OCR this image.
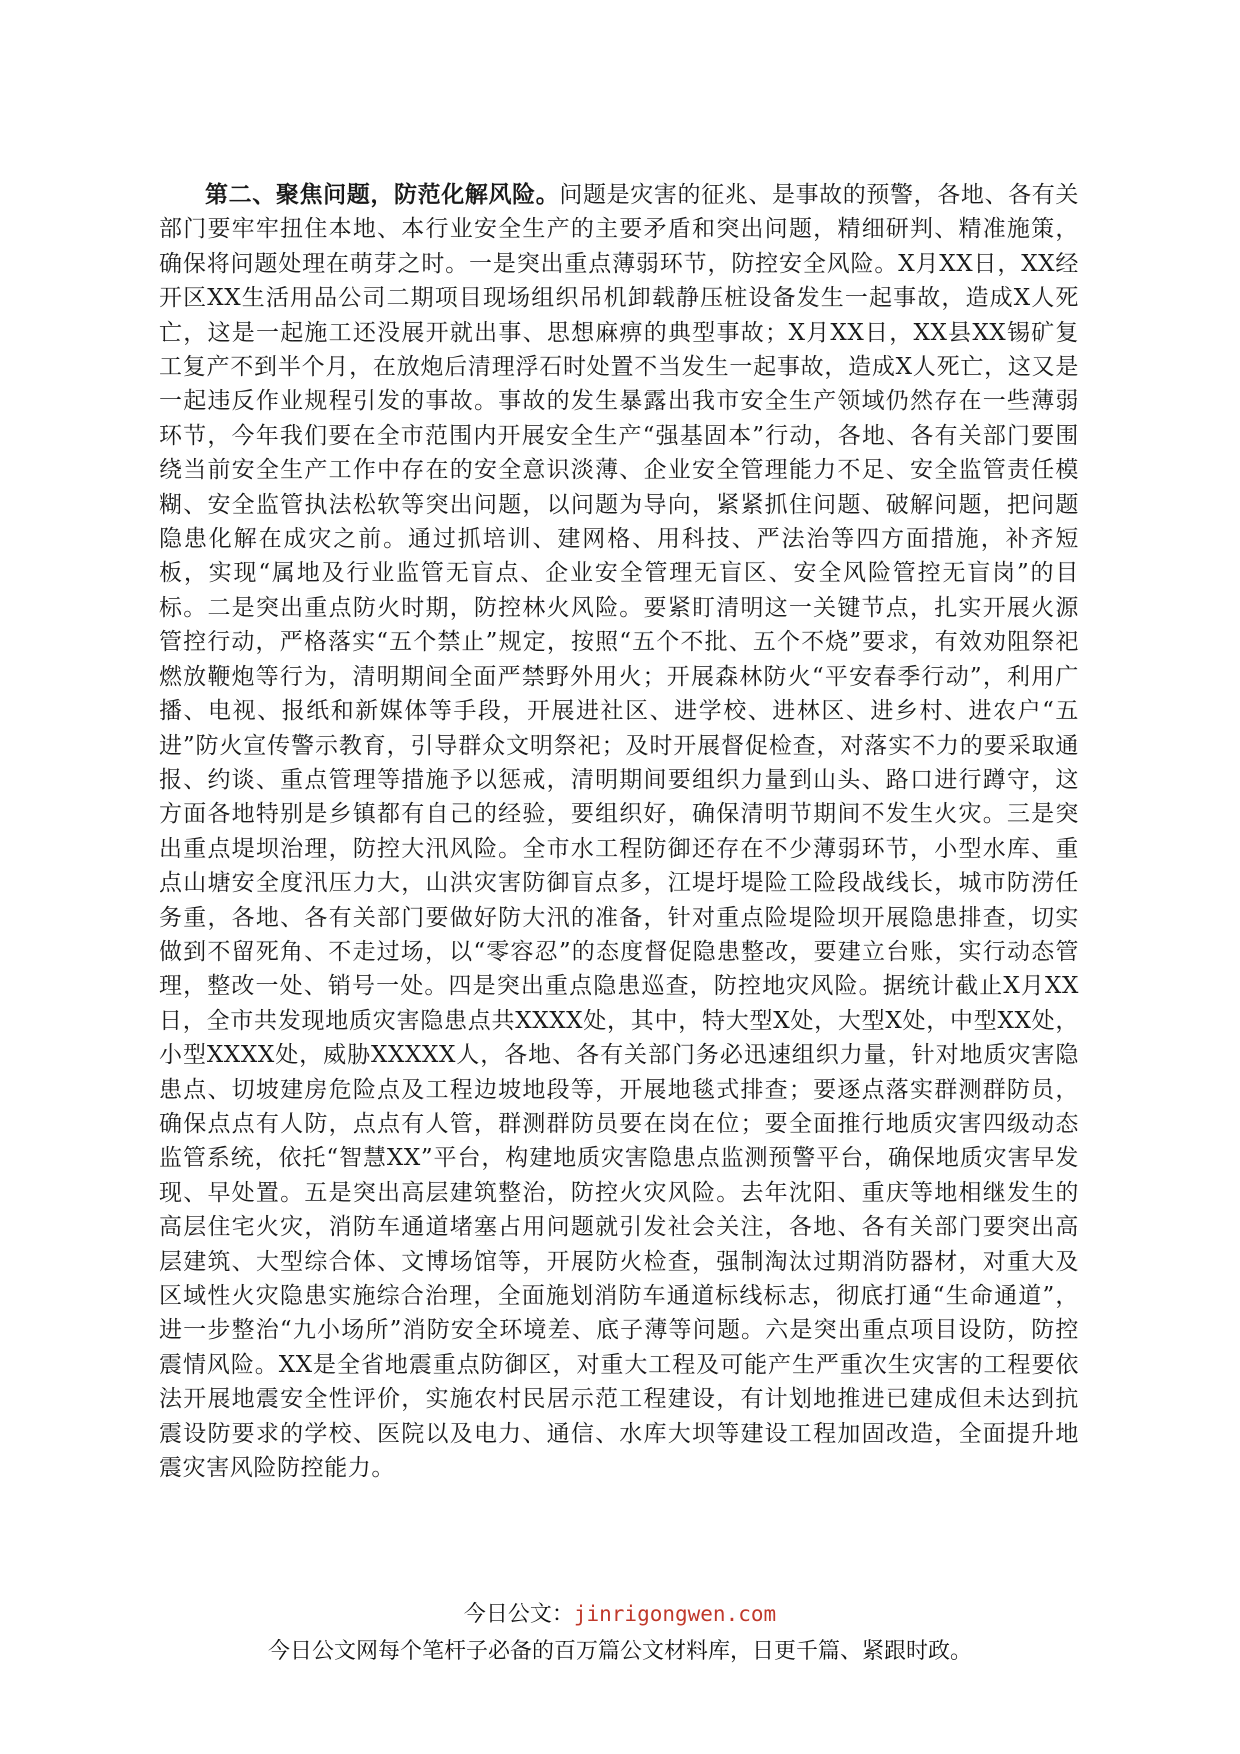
第二、聚焦问题，防范化解风险。问题是灾害的征兆、是事故的预警，各地、各有关部门要牢牢扭住本地、本行业安全生产的主要矛盾和突出问题，精细研判、精准施策，确保将问题处理在萌芽之时。一是突出重点薄弱环节，防控安全风险。X月XX日，XX经开区XX生活用品公司二期项目现场组织吊机卸载静压桩设备发生一起事故，造成X人死亡，这是一起施工还没展开就出事、思想麻痹的典型事故；X月XX日，XX县XX锡矿复工复产不到半个月，在放炮后清理浮石时处置不当发生一起事故，造成X人死亡，这又是一起违反作业规程引发的事故。事故的发生暴露出我市安全生产领域仍然存在一些薄弱环节，今年我们要在全市范围内开展安全生产“强基固本”行动，各地、各有关部门要围绕当前安全生产工作中存在的安全意识淡薄、企业安全管理能力不足、安全监管责任模糊、安全监管执法松软等突出问题，以问题为导向，紧紧抓住问题、破解问题，把问题隐患化解在成灾之前。通过抓培训、建网格、用科技、严法治等四方面措施，补齐短板，实现“属地及行业监管无盲点、企业安全管理无盲区、安全风险管控无盲岗”的目标。二是突出重点防火时期，防控林火风险。要紧盯清明这一关键节点，扎实开展火源管控行动，严格落实“五个禁止”规定，按照“五个不批、五个不烧”要求，有效劝阻祭祀燃放鞭炮等行为，清明期间全面严禁野外用火；开展森林防火“平安春季行动”，利用广播、电视、报纸和新媒体等手段，开展进社区、进学校、进林区、进乡村、进农户“五进”防火宣传警示教育，引导群众文明祭祀；及时开展督促检查，对落实不力的要采取通报、约谈、重点管理等措施予以惩戒，清明期间要组织力量到山头、路口进行蹲守，这方面各地特别是乡镇都有自己的经验，要组织好，确保清明节期间不发生火灾。三是突出重点堤坝治理，防控大汛风险。全市水工程防御还存在不少薄弱环节，小型水库、重点山塘安全度汛压力大，山洪灾害防御盲点多，江堤圩堤险工险段战线长，城市防涝任务重，各地、各有关部门要做好防大汛的准备，针对重点险堤险坝开展隐患排查，切实做到不留死角、不走过场，以“零容忍”的态度督促隐患整改，要建立台账，实行动态管理，整改一处、销号一处。四是突出重点隐患巡查，防控地灾风险。据统计截止X月XX日，全市共发现地质灾害隐患点共XXXX处，其中，特大型X处，大型X处，中型XX处，小型XXXX处，威胁XXXXX人，各地、各有关部门务必迅速组织力量，针对地质灾害隐患点、切坡建房危险点及工程边坡地段等，开展地毯式排查；要逐点落实群测群防员，确保点点有人防，点点有人管，群测群防员要在岗在位；要全面推行地质灾害四级动态监管系统，依托“智慧XX”平台，构建地质灾害隐患点监测预警平台，确保地质灾害早发现、早处置。五是突出高层建筑整治，防控火灾风险。去年沈阳、重庆等地相继发生的高层住宅火灾，消防车通道堵塞占用问题就引发社会关注，各地、各有关部门要突出高层建筑、大型综合体、文博场馆等，开展防火检查，强制淘汰过期消防器材，对重大及区域性火灾隐患实施综合治理，全面施划消防车通道标线标志，彻底打通“生命通道”，进一步整治“九小场所”消防安全环境差、底子薄等问题。六是突出重点项目设防，防控震情风险。XX是全省地震重点防御区，对重大工程及可能产生严重次生灾害的工程要依法开展地震安全性评价，实施农村民居示范工程建设，有计划地推进已建成但未达到抗震设防要求的学校、医院以及电力、通信、水库大坝等建设工程加固改造，全面提升地震灾害风险防控能力。

今日公文：jinrigongwen.com
今日公文网每个笔杆子必备的百万篇公文材料库，日更千篇、紧跟时政。
